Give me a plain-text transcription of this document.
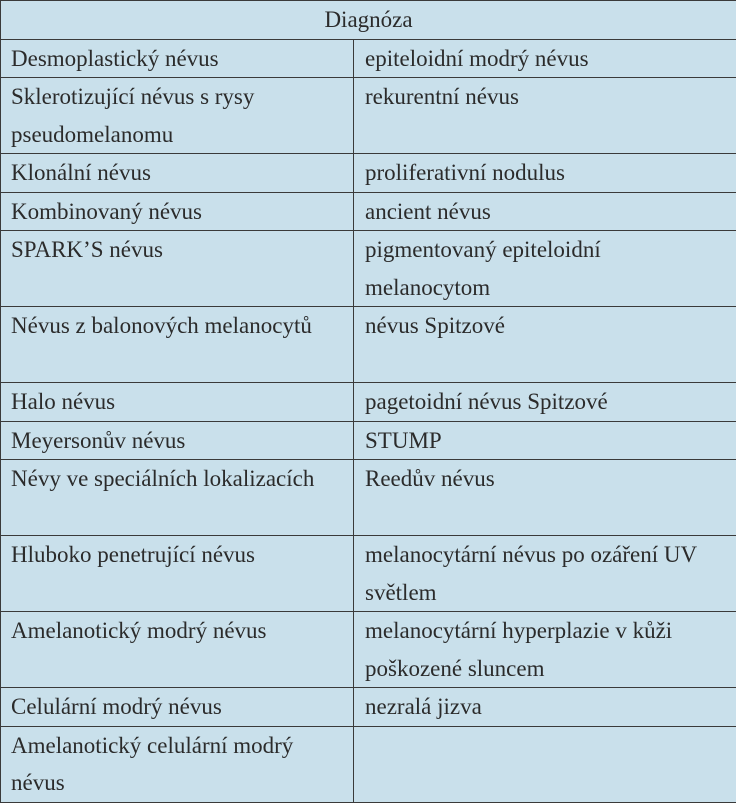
Diagnóza	
Desmoplastický névus	epiteloidní modrý névus
Sklerotizující névus s rysy pseudomelanomu	rekurentní névus
Klonální névus	proliferativní nodulus
Kombinovaný névus	ancient névus
SPARK’S névus	pigmentovaný epiteloidní melanocytom
Névus z balonových melanocytů	névus Spitzové
Halo névus	pagetoidní névus Spitzové
Meyersonův névus	STUMP
Névy ve speciálních lokalizacích	Reedův névus
Hluboko penetrující névus	melanocytární névus po ozáření UV světlem
Amelanotický modrý névus	melanocytární hyperplazie v kůži poškozené sluncem
Celulární modrý névus	nezralá jizva
Amelanotický celulární modrý névus	
